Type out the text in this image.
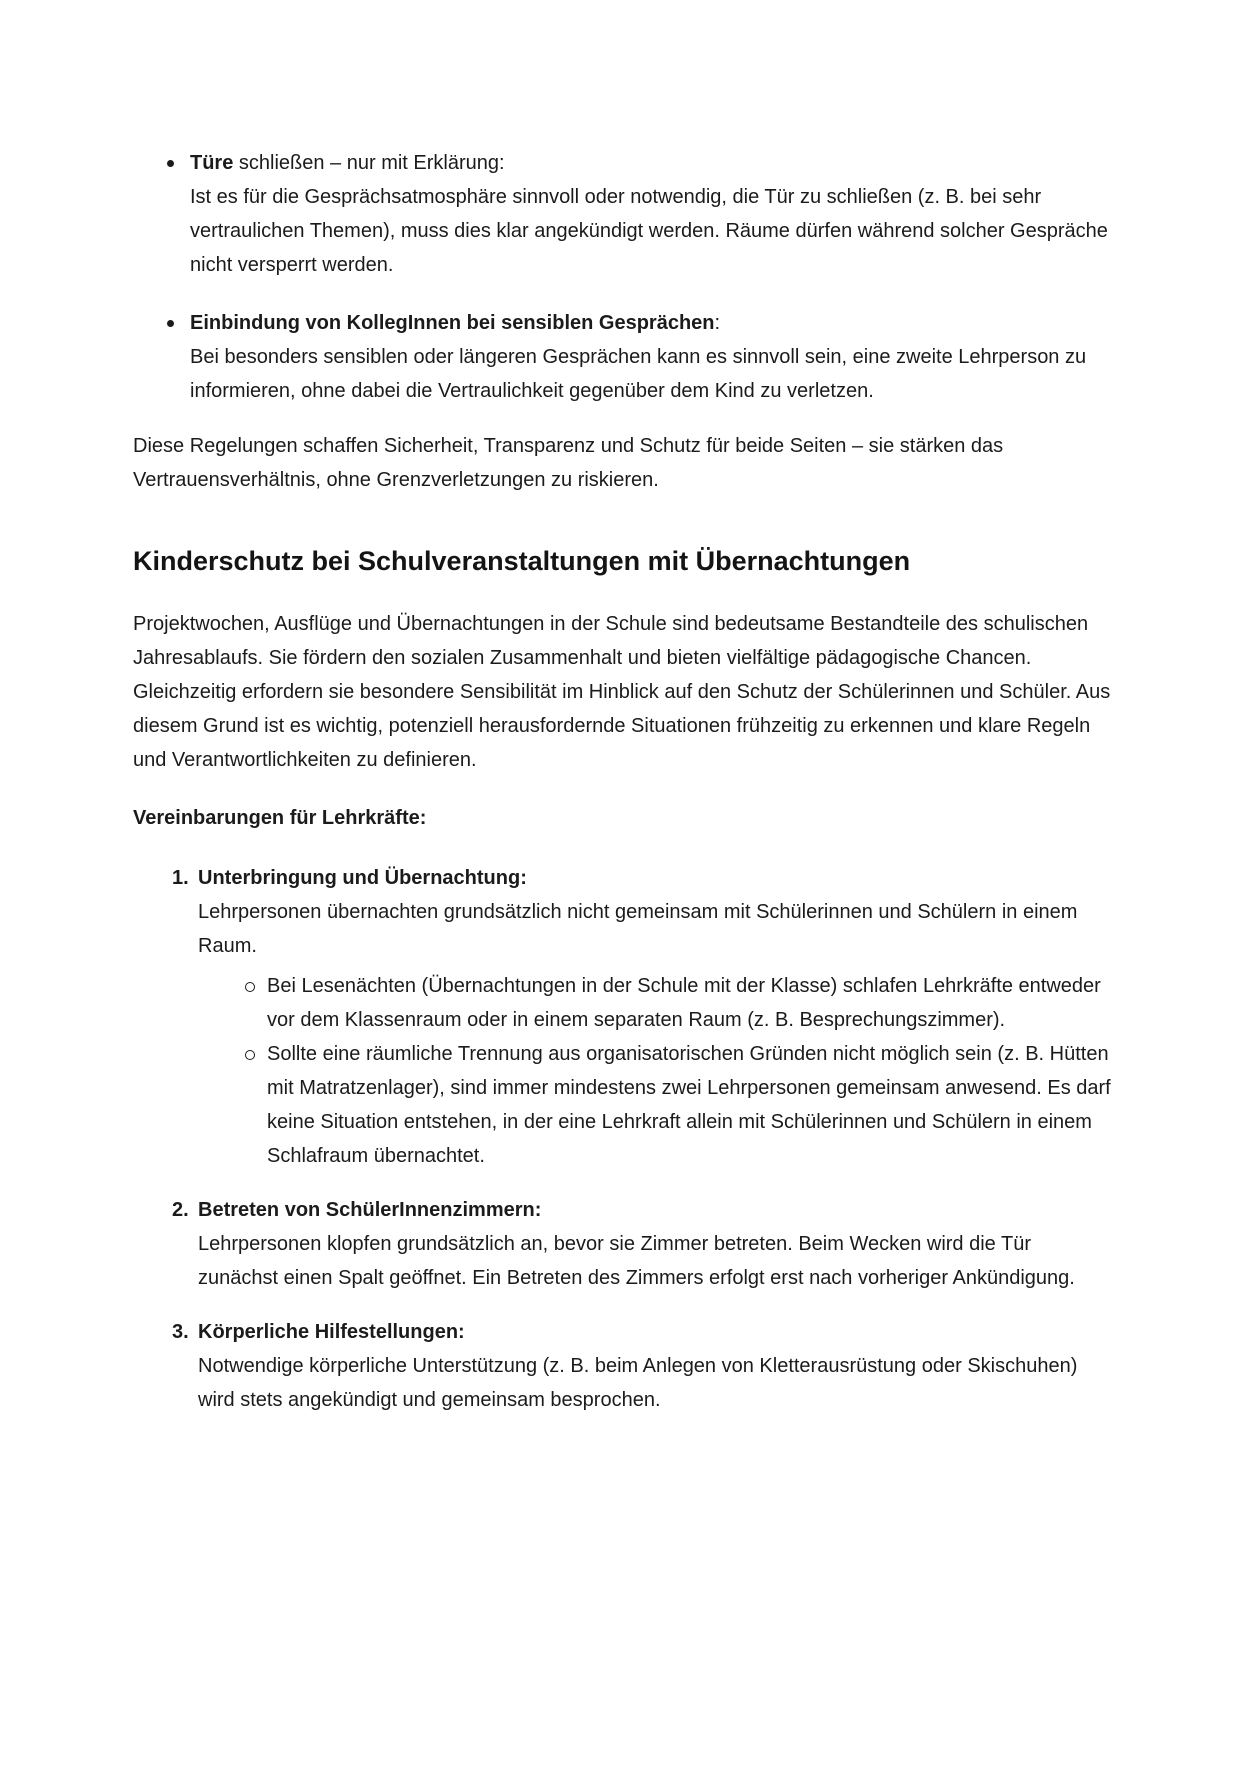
Türe schließen – nur mit Erklärung:

Ist es für die Gesprächsatmosphäre sinnvoll oder notwendig, die Tür zu schließen (z. B. bei sehr vertraulichen Themen), muss dies klar angekündigt werden. Räume dürfen während solcher Gespräche nicht versperrt werden.

Einbindung von KollegInnen bei sensiblen Gesprächen:

Bei besonders sensiblen oder längeren Gesprächen kann es sinnvoll sein, eine zweite Lehrperson zu informieren, ohne dabei die Vertraulichkeit gegenüber dem Kind zu verletzen.

Diese Regelungen schaffen Sicherheit, Transparenz und Schutz für beide Seiten – sie stärken das Vertrauensverhältnis, ohne Grenzverletzungen zu riskieren.

Kinderschutz bei Schulveranstaltungen mit Übernachtungen

Projektwochen, Ausflüge und Übernachtungen in der Schule sind bedeutsame Bestandteile des schulischen Jahresablaufs. Sie fördern den sozialen Zusammenhalt und bieten vielfältige pädagogische Chancen. Gleichzeitig erfordern sie besondere Sensibilität im Hinblick auf den Schutz der Schülerinnen und Schüler. Aus diesem Grund ist es wichtig, potenziell herausfordernde Situationen frühzeitig zu erkennen und klare Regeln und Verantwortlichkeiten zu definieren.

Vereinbarungen für Lehrkräfte:

1. Unterbringung und Übernachtung:

Lehrpersonen übernachten grundsätzlich nicht gemeinsam mit Schülerinnen und Schülern in einem Raum.

Bei Lesenächten (Übernachtungen in der Schule mit der Klasse) schlafen Lehrkräfte entweder vor dem Klassenraum oder in einem separaten Raum (z. B. Besprechungszimmer).

Sollte eine räumliche Trennung aus organisatorischen Gründen nicht möglich sein (z. B. Hütten mit Matratzenlager), sind immer mindestens zwei Lehrpersonen gemeinsam anwesend. Es darf keine Situation entstehen, in der eine Lehrkraft allein mit Schülerinnen und Schülern in einem Schlafraum übernachtet.

2. Betreten von SchülerInnenzimmern:

Lehrpersonen klopfen grundsätzlich an, bevor sie Zimmer betreten. Beim Wecken wird die Tür zunächst einen Spalt geöffnet. Ein Betreten des Zimmers erfolgt erst nach vorheriger Ankündigung.

3. Körperliche Hilfestellungen:

Notwendige körperliche Unterstützung (z. B. beim Anlegen von Kletterausrüstung oder Skischuhen) wird stets angekündigt und gemeinsam besprochen.
